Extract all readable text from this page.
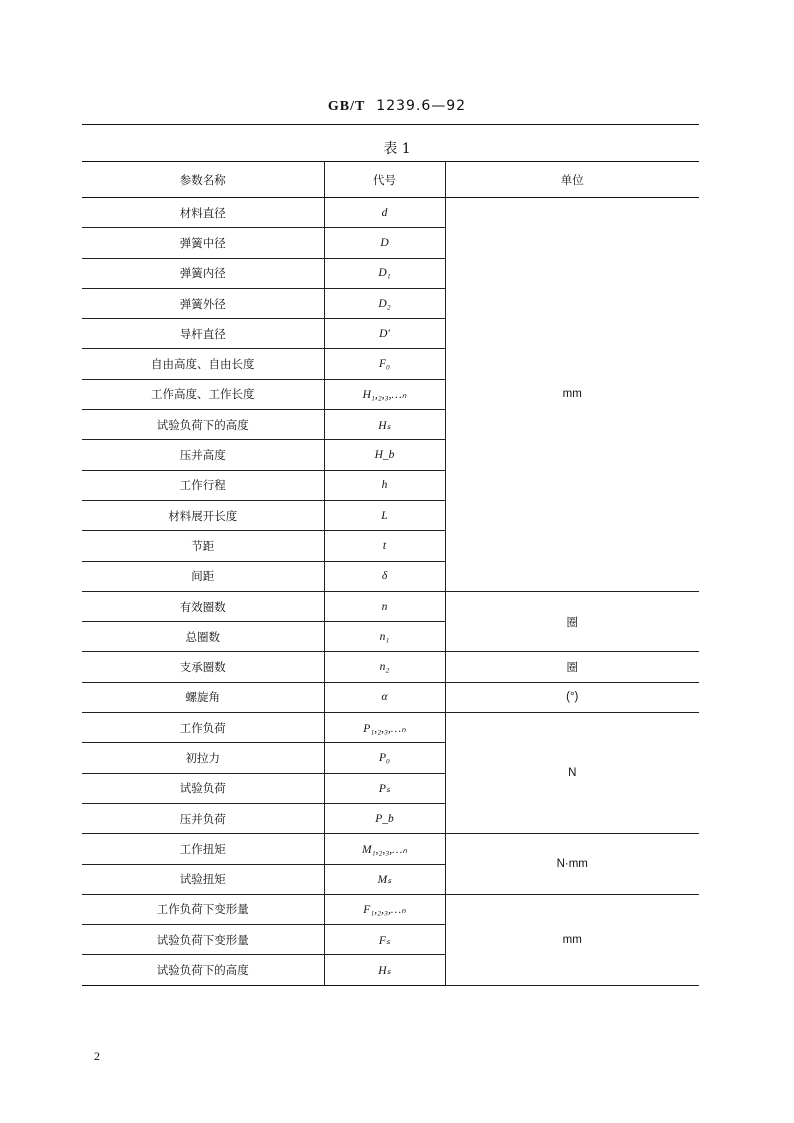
GB/T 1239.6—92
表 1
参数名称	代号	单位
材料直径	d	mm
弹簧中径	D	
弹簧内径	D₁	
弹簧外径	D₂	
导杆直径	D′	
自由高度、自由长度	F₀	
工作高度、工作长度	H₁,₂,₃,…ₙ	
试验负荷下的高度	Hₛ	
压并高度	H_b	
工作行程	h	
材料展开长度	L	
节距	t	
间距	δ	
有效圈数	n	圈
总圈数	n₁	
支承圈数	n₂	圈
螺旋角	α	(°)
工作负荷	P₁,₂,₃,…ₙ	N
初拉力	P₀	
试验负荷	Pₛ	
压并负荷	P_b	
工作扭矩	M₁,₂,₃,…ₙ	N·mm
试验扭矩	Mₛ	
工作负荷下变形量	F₁,₂,₃,…ₙ	mm
试验负荷下变形量	Fₛ	
试验负荷下的高度	Hₛ	
2
